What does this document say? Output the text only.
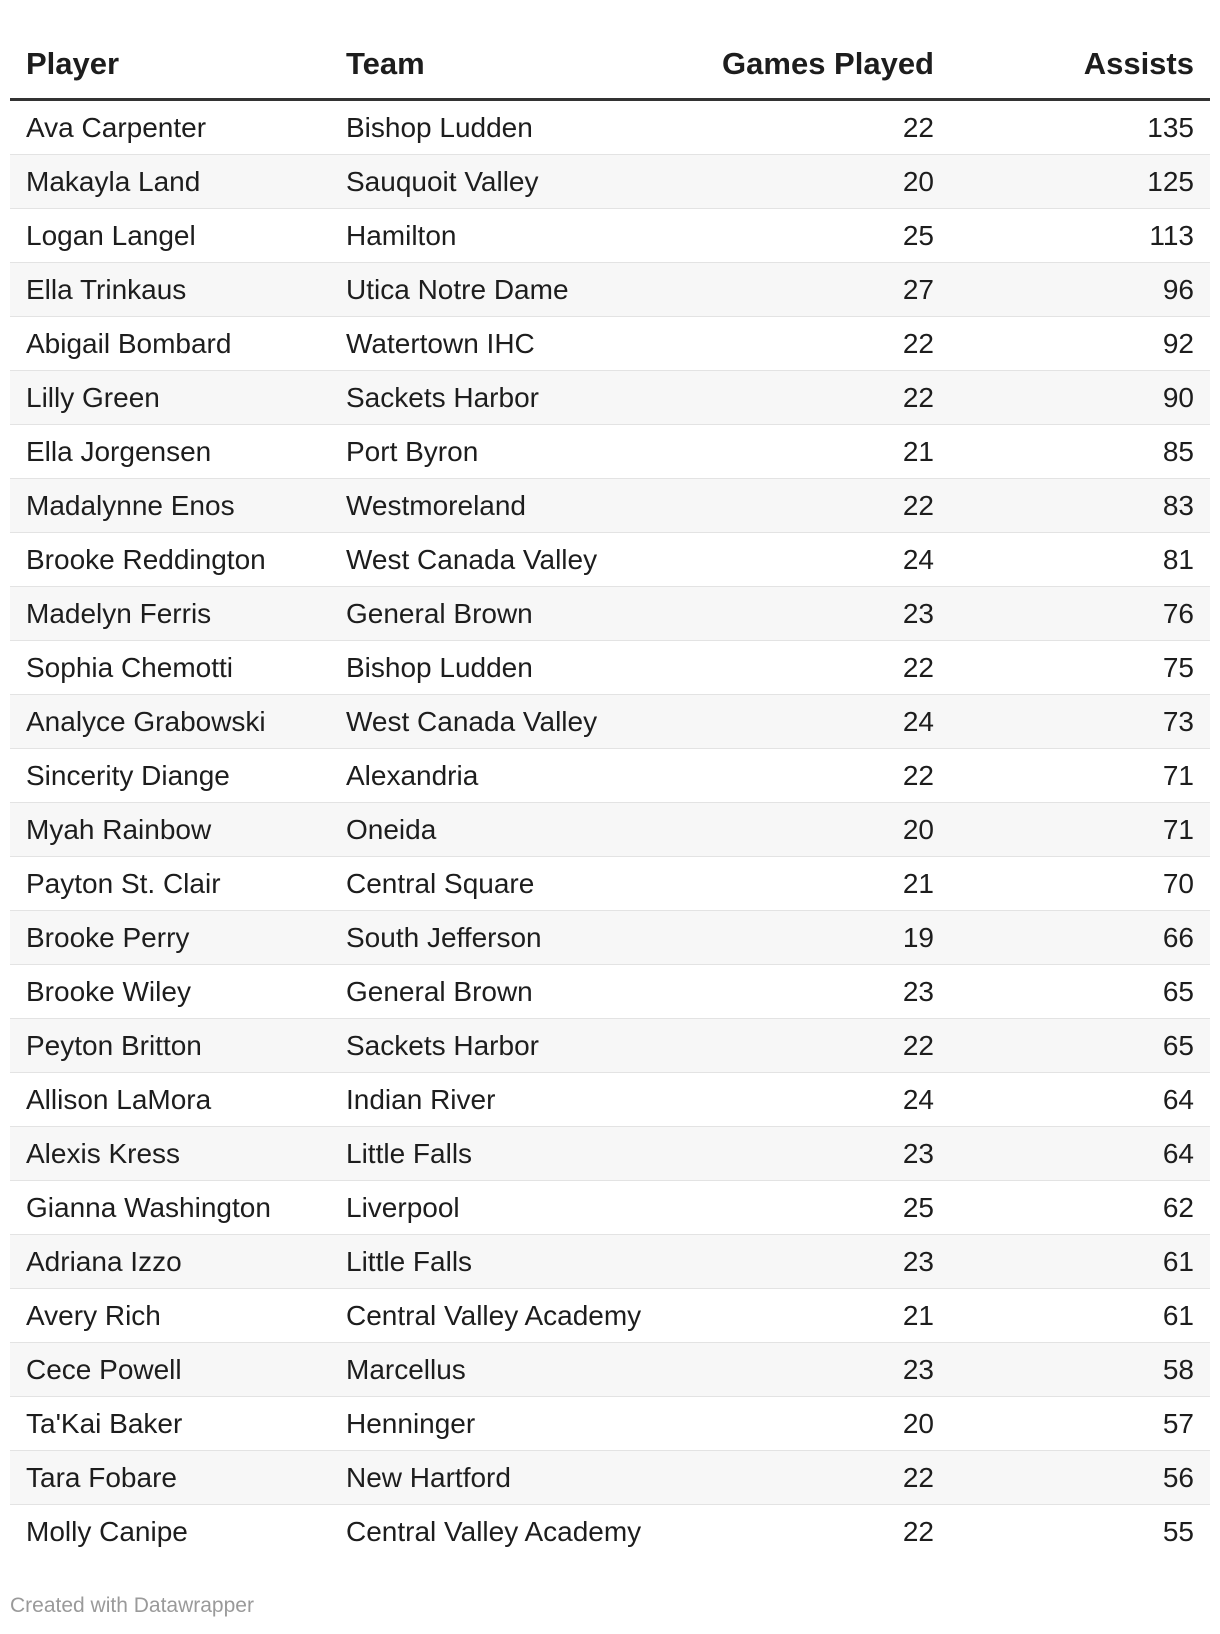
Player	Team	Games Played	Assists
Ava Carpenter	Bishop Ludden	22	135
Makayla Land	Sauquoit Valley	20	125
Logan Langel	Hamilton	25	113
Ella Trinkaus	Utica Notre Dame	27	96
Abigail Bombard	Watertown IHC	22	92
Lilly Green	Sackets Harbor	22	90
Ella Jorgensen	Port Byron	21	85
Madalynne Enos	Westmoreland	22	83
Brooke Reddington	West Canada Valley	24	81
Madelyn Ferris	General Brown	23	76
Sophia Chemotti	Bishop Ludden	22	75
Analyce Grabowski	West Canada Valley	24	73
Sincerity Diange	Alexandria	22	71
Myah Rainbow	Oneida	20	71
Payton St. Clair	Central Square	21	70
Brooke Perry	South Jefferson	19	66
Brooke Wiley	General Brown	23	65
Peyton Britton	Sackets Harbor	22	65
Allison LaMora	Indian River	24	64
Alexis Kress	Little Falls	23	64
Gianna Washington	Liverpool	25	62
Adriana Izzo	Little Falls	23	61
Avery Rich	Central Valley Academy	21	61
Cece Powell	Marcellus	23	58
Ta'Kai Baker	Henninger	20	57
Tara Fobare	New Hartford	22	56
Molly Canipe	Central Valley Academy	22	55
Created with Datawrapper
